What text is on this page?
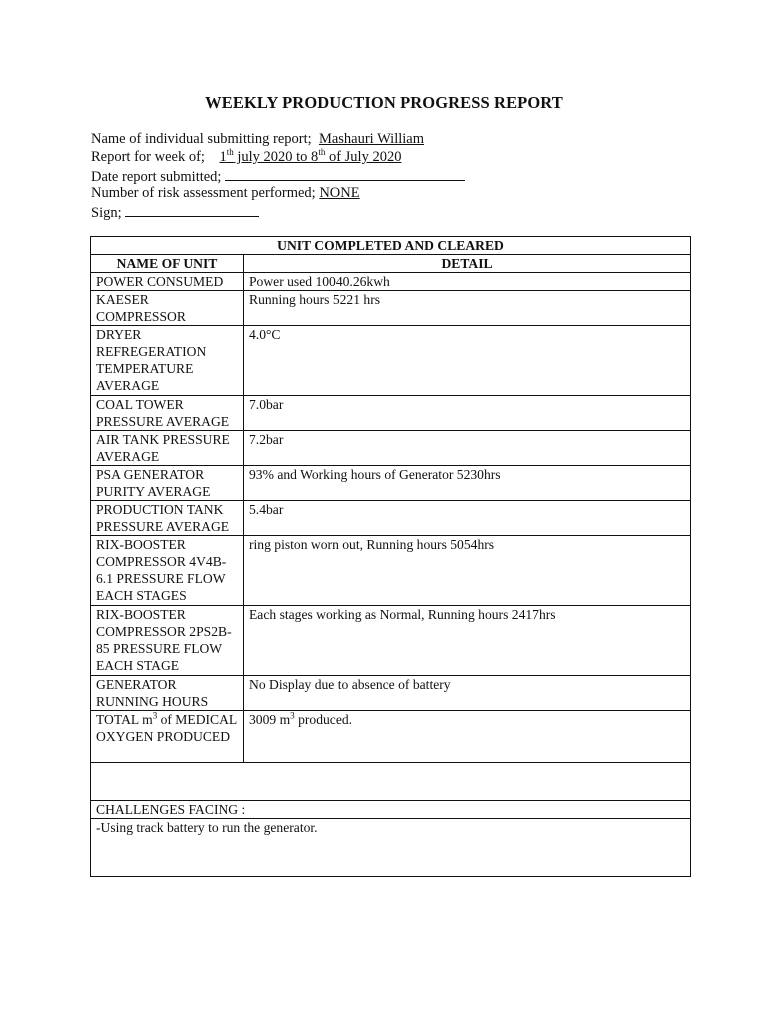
WEEKLY PRODUCTION PROGRESS REPORT
Name of individual submitting report; Mashauri William
Report for week of; 1th july 2020 to 8th of July 2020
Date report submitted;
Number of risk assessment performed; NONE
Sign;
UNIT COMPLETED AND CLEARED	
NAME OF UNIT	DETAIL
POWER CONSUMED	Power used 10040.26kwh
KAESER COMPRESSOR	Running hours 5221 hrs
DRYER REFREGERATION TEMPERATURE AVERAGE	4.0°C
COAL TOWER PRESSURE AVERAGE	7.0bar
AIR TANK PRESSURE AVERAGE	7.2bar
PSA GENERATOR PURITY AVERAGE	93% and Working hours of Generator 5230hrs
PRODUCTION TANK PRESSURE AVERAGE	5.4bar
RIX-BOOSTER COMPRESSOR 4V4B-6.1 PRESSURE FLOW EACH STAGES	ring piston worn out, Running hours 5054hrs
RIX-BOOSTER COMPRESSOR 2PS2B-85 PRESSURE FLOW EACH STAGE	Each stages working as Normal, Running hours 2417hrs
GENERATOR RUNNING HOURS	No Display due to absence of battery
TOTAL $m^3$ of MEDICAL OXYGEN PRODUCED	3009 $m^3$ produced.

CHALLENGES FACING :	
-Using track battery to run the generator.	
